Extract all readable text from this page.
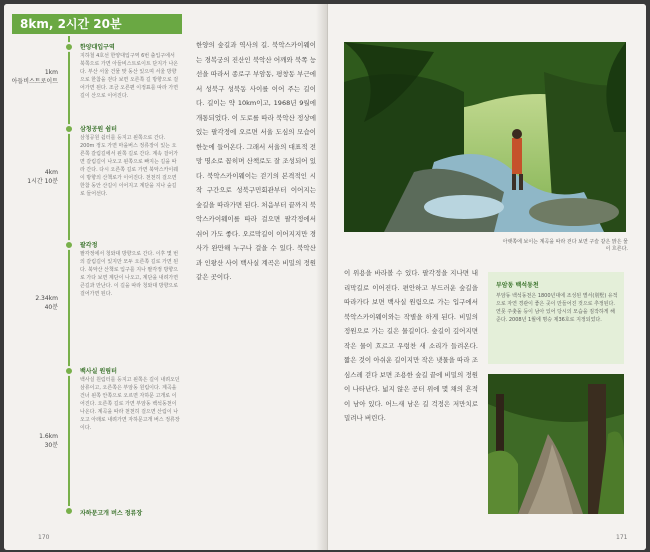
8km, 2시간 20분
1km
아들비스트로이트
한양대입구역
지하철 4호선 한양대입구역 6번 출입구에서 북쪽으로 가면 아들비스트로이트 단지가 나온다. 부산 서울 건물 맞 동산 있으며 서울 방향으로 한참을 걷다 보면 오른쪽 길 방향으로 걸어가면 된다. 조금 오른편 이정표를 따라 가면 길이 산으로 이어진다.
4km
1시간 10분
삼청공원 쉼터
삼청공원 쉼터를 등지고 왼쪽으로 간다. 200m 정도 가면 마을버스 정류장이 있는 오른쪽 갈림길에서 왼쪽 길로 간다. 계속 걸어가면 갈림길이 나오고 왼쪽으로 빠지는 길을 따라 간다. 다시 오른쪽 길로 가면 북악스카이웨이 방향의 산책로가 이어진다. 천천히 걸으면 한참 동안 산길이 이어지고 계단을 지나 숲길로 들어선다.
2.34km
40분
팔각정
팔각정에서 청와대 방향으로 간다. 이후 몇 번의 갈림길이 있지만 모두 오른쪽 길로 가면 된다. 북악산 산책로 입구를 지나 팔각정 방향으로 가다 보면 계단이 나오고, 계단을 내려가면 큰길과 만난다. 이 길을 따라 청와대 방향으로 걸어가면 된다.
1.6km
30분
백사실 원림터
백사실 원림터를 등지고 왼쪽은 길이 내려오던 삼류이고, 오른쪽은 부암동 원림이다. 계곡을 건너 왼쪽 안쪽으로 오르면 자하문 고개로 이어진다. 오른쪽 길로 가면 부암동 백석동천이 나온다. 계곡을 따라 천천히 걸으면 산림이 나오고 아래로 내려가면 자하문고개 버스 정류장이다.
자하문고개 버스 정류장
한양의 숲길과 역사의 길. 북악스카이웨이는 경복궁의 진산인 북악산 어깨와 북쪽 능선을 따라서 종로구 부암동, 평창동 부근에서 성북구 성북동 사이를 이어 주는 길이다. 길이는 약 10km이고, 1968년 9월에 개통되었다. 이 도로를 따라 북악산 정상에 있는 팔각정에 오르면 서울 도심의 모습이 한눈에 들어온다. 그래서 서울의 대표적 전망 명소로 꼽히며 산책로도 잘 조성되어 있다. 북악스카이웨이는 걷기의 본격적인 시작 구간으로 성북구민회관부터 이어지는 숲길을 따라가면 된다. 처음부터 끝까지 북악스카이웨이를 따라 걸으면 팔각정에서 쉬어 가도 좋다. 오르막길이 이어지지만 경사가 완만해 누구나 걸을 수 있다. 북악산과 인왕산 사이 백사실 계곡은 비밀의 정원 같은 곳이다.
170
아랫쪽에 보이는 계곡을 따라 걷다 보면 구슬 같은 맑은 물이 흐른다.
이 위용을 바라볼 수 있다. 팔각정을 지나면 내리막길로 이어진다. 편안하고 부드러운 숲길을 따라가다 보면 백사실 원림으로 가는 입구에서 북악스카이웨이와는 작별을 하게 된다. 비밀의 정원으로 가는 길은 물길이다. 숲길이 깊어지면 작은 물이 흐르고 우렁찬 새 소리가 들려온다. 짧은 것이 아쉬운 길이지만 작은 냇물을 따라 조심스레 걷다 보면 조용한 숲길 끝에 비밀의 정원이 나타난다. 넓지 않은 공터 위에 몇 채의 흔적이 남아 있다. 어느새 남은 길 걱정은 저만치로 밀려나 버린다.
부암동 백석동천
부암동 백석동천은 1800년대에 조성된 별서(別墅) 유적으로 자연 경관이 좋은 곳이 만들어진 것으로 추정된다. 연못 주춧돌 등이 남아 있어 당시의 모습을 짐작하게 해 준다. 2008년 1월에 명승 제36호로 지정되었다.
171
